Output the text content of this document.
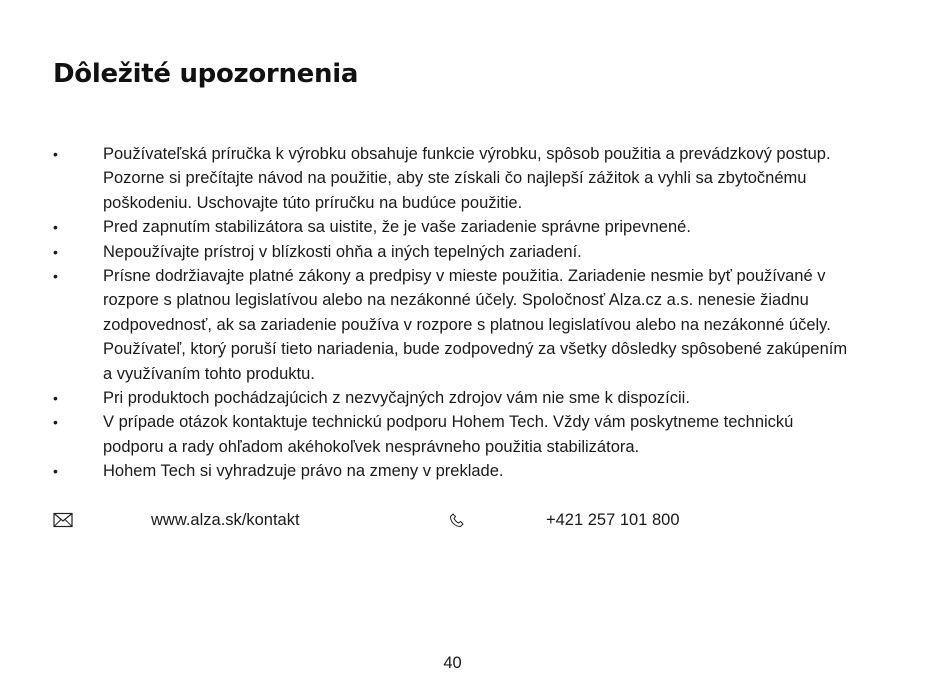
Dôležité upozornenia
•	Používateľská príručka k výrobku obsahuje funkcie výrobku, spôsob použitia a prevádzkový postup. Pozorne si prečítajte návod na použitie, aby ste získali čo najlepší zážitok a vyhli sa zbytočnému poškodeniu. Uschovajte túto príručku na budúce použitie.
•	Pred zapnutím stabilizátora sa uistite, že je vaše zariadenie správne pripevnené.
•	Nepoužívajte prístroj v blízkosti ohňa a iných tepelných zariadení.
•	Prísne dodržiavajte platné zákony a predpisy v mieste použitia. Zariadenie nesmie byť používané v rozpore s platnou legislatívou alebo na nezákonné účely. Spoločnosť Alza.cz a.s. nenesie žiadnu zodpovednosť, ak sa zariadenie používa v rozpore s platnou legislatívou alebo na nezákonné účely. Používateľ, ktorý poruší tieto nariadenia, bude zodpovedný za všetky dôsledky spôsobené zakúpením a využívaním tohto produktu.
•	Pri produktoch pochádzajúcich z nezvyčajných zdrojov vám nie sme k dispozícii.
•	V prípade otázok kontaktuje technickú podporu Hohem Tech. Vždy vám poskytneme technickú podporu a rady ohľadom akéhokoľvek nesprávneho použitia stabilizátora.
•	Hohem Tech si vyhradzuje právo na zmeny v preklade.
www.alza.sk/kontakt	+421 257 101 800
40
